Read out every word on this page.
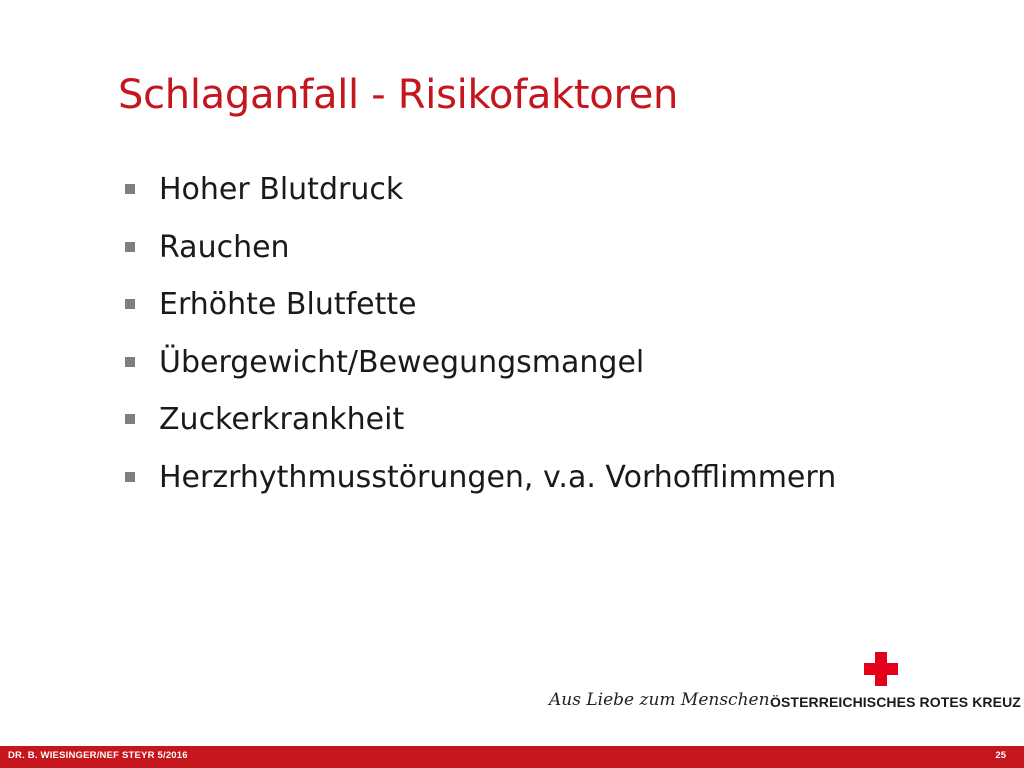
Schlaganfall - Risikofaktoren
Hoher Blutdruck
Rauchen
Erhöhte Blutfette
Übergewicht/Bewegungsmangel
Zuckerkrankheit
Herzrhythmusstörungen, v.a. Vorhofflimmern
Aus Liebe zum Menschen.
ÖSTERREICHISCHES ROTES KREUZ
DR. B. WIESINGER/NEF STEYR 5/2016	25
